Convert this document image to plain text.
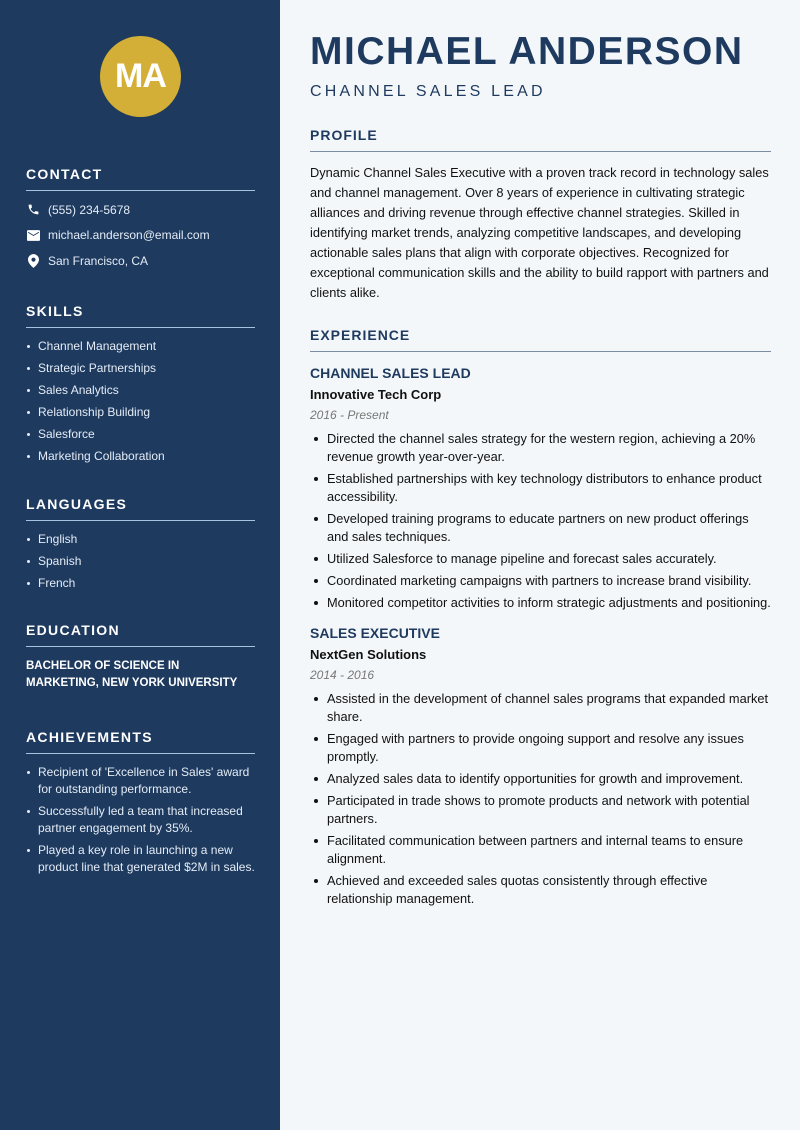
MA
CONTACT
(555) 234-5678
michael.anderson@email.com
San Francisco, CA
SKILLS
Channel Management
Strategic Partnerships
Sales Analytics
Relationship Building
Salesforce
Marketing Collaboration
LANGUAGES
English
Spanish
French
EDUCATION
BACHELOR OF SCIENCE IN MARKETING, NEW YORK UNIVERSITY
ACHIEVEMENTS
Recipient of 'Excellence in Sales' award for outstanding performance.
Successfully led a team that increased partner engagement by 35%.
Played a key role in launching a new product line that generated $2M in sales.
MICHAEL ANDERSON
CHANNEL SALES LEAD
PROFILE

Dynamic Channel Sales Executive with a proven track record in technology sales and channel management. Over 8 years of experience in cultivating strategic alliances and driving revenue through effective channel strategies. Skilled in identifying market trends, analyzing competitive landscapes, and developing actionable sales plans that align with corporate objectives. Recognized for exceptional communication skills and the ability to build rapport with partners and clients alike.

EXPERIENCE
CHANNEL SALES LEAD
Innovative Tech Corp
2016 - Present
Directed the channel sales strategy for the western region, achieving a 20% revenue growth year-over-year.
Established partnerships with key technology distributors to enhance product accessibility.
Developed training programs to educate partners on new product offerings and sales techniques.
Utilized Salesforce to manage pipeline and forecast sales accurately.
Coordinated marketing campaigns with partners to increase brand visibility.
Monitored competitor activities to inform strategic adjustments and positioning.
SALES EXECUTIVE
NextGen Solutions
2014 - 2016
Assisted in the development of channel sales programs that expanded market share.
Engaged with partners to provide ongoing support and resolve any issues promptly.
Analyzed sales data to identify opportunities for growth and improvement.
Participated in trade shows to promote products and network with potential partners.
Facilitated communication between partners and internal teams to ensure alignment.
Achieved and exceeded sales quotas consistently through effective relationship management.
